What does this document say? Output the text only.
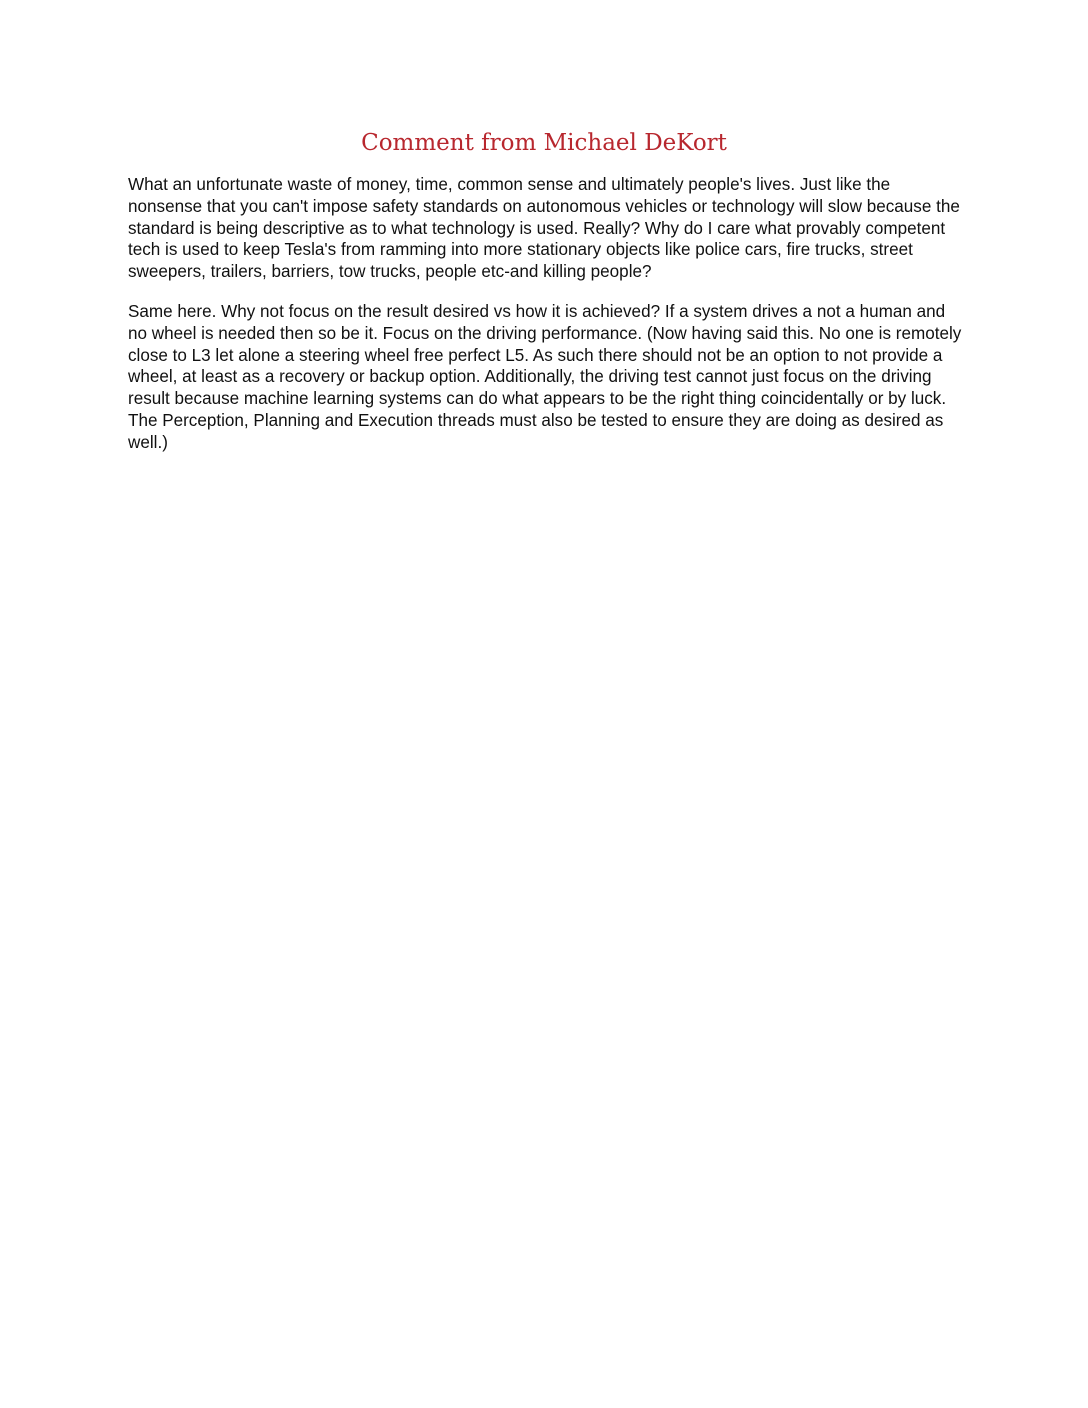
Comment from Michael DeKort

What an unfortunate waste of money, time, common sense and ultimately people's lives. Just like the nonsense that you can't impose safety standards on autonomous vehicles or technology will slow because the standard is being descriptive as to what technology is used. Really? Why do I care what provably competent tech is used to keep Tesla's from ramming into more stationary objects like police cars, fire trucks, street sweepers, trailers, barriers, tow trucks, people etc-and killing people?

Same here. Why not focus on the result desired vs how it is achieved? If a system drives a not a human and no wheel is needed then so be it. Focus on the driving performance. (Now having said this. No one is remotely close to L3 let alone a steering wheel free perfect L5. As such there should not be an option to not provide a wheel, at least as a recovery or backup option. Additionally, the driving test cannot just focus on the driving result because machine learning systems can do what appears to be the right thing coincidentally or by luck. The Perception, Planning and Execution threads must also be tested to ensure they are doing as desired as well.)
